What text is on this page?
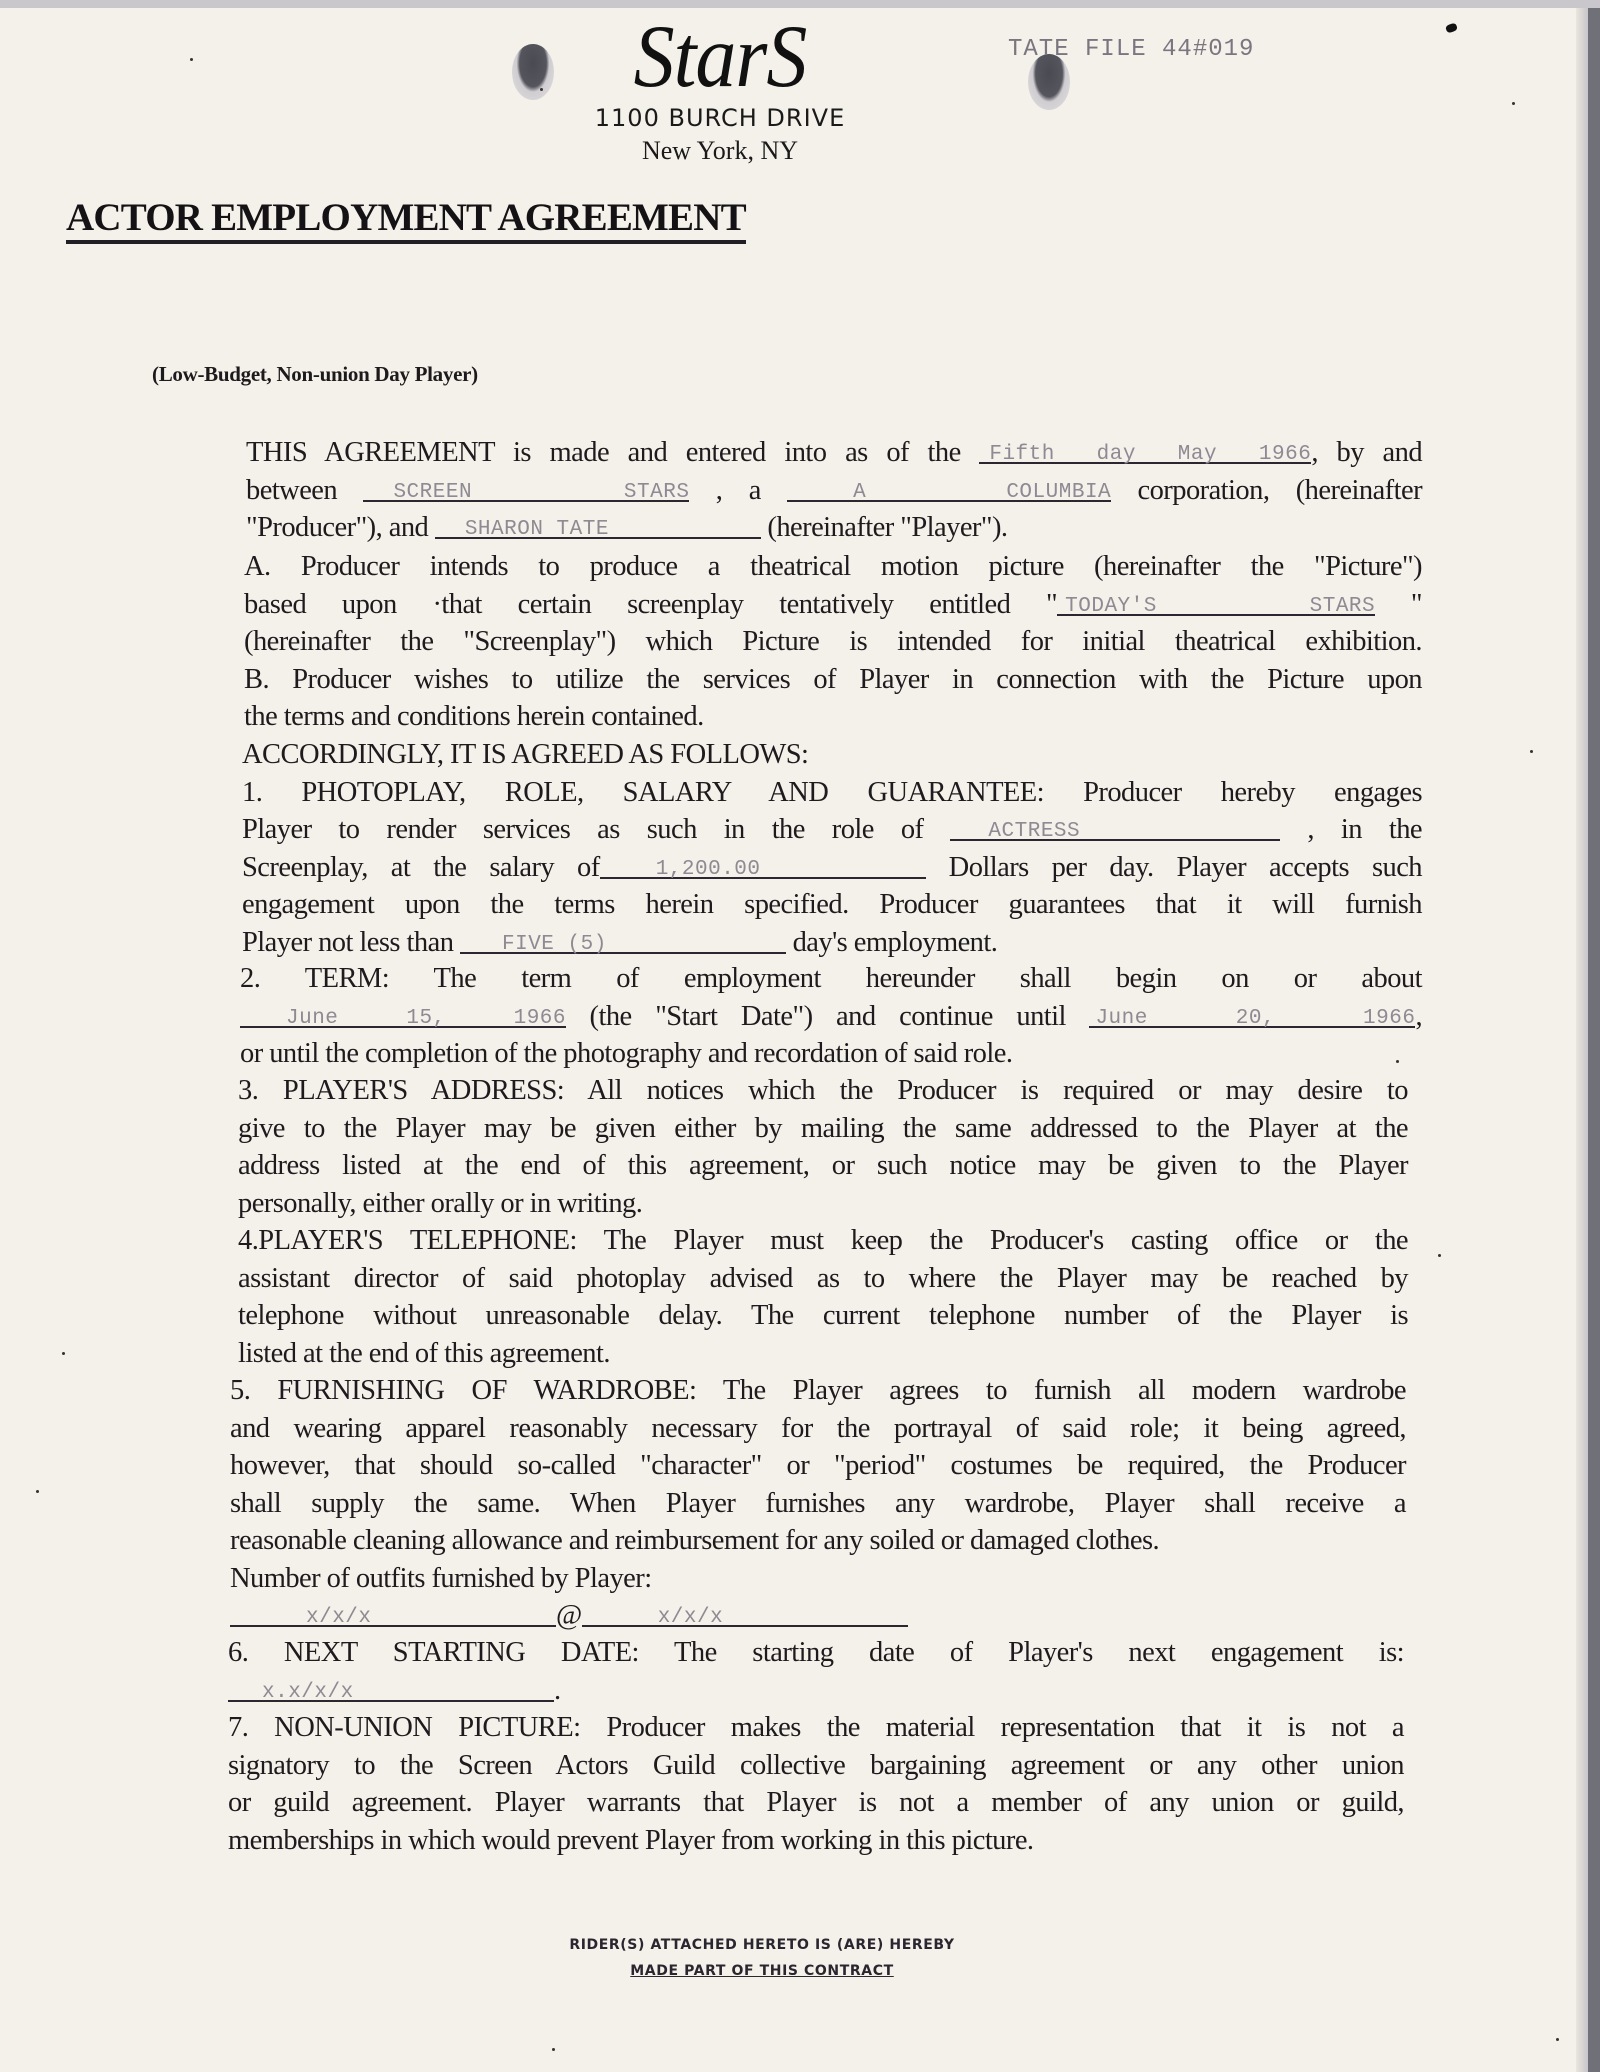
StarS
1100 BURCH DRIVE
New York, NY
TATE FILE 44#019
ACTOR EMPLOYMENT AGREEMENT
(Low-Budget, Non-union Day Player)
THIS AGREEMENT is made and entered into as of the Fifth day May 1966, by and
between	SCREEN STARS , a	A COLUMBIA corporation, (hereinafter
"Producer"), and SHARON TATE	(hereinafter "Player").
A. Producer intends to produce a theatrical motion picture (hereinafter the "Picture")
based upon ·that certain screenplay tentatively entitled " TODAY'S STARS "
(hereinafter the "Screenplay") which Picture is intended for initial theatrical exhibition.
B. Producer wishes to utilize the services of Player in connection with the Picture upon
the terms and conditions herein contained.
ACCORDINGLY, IT IS AGREED AS FOLLOWS:
1. PHOTOPLAY, ROLE, SALARY AND GUARANTEE: Producer hereby engages
Player to render services as such in the role of	ACTRESS	, in the
Screenplay, at the salary of	1,200.00	Dollars per day. Player accepts such
engagement upon the terms herein specified. Producer guarantees that it will furnish
Player not less than FIVE (5)	day's employment.
2. TERM: The term of employment hereunder shall begin on or about
June 15, 1966 (the "Start Date") and continue until June 20, 1966,
or until the completion of the photography and recordation of said role.
3. PLAYER'S ADDRESS: All notices which the Producer is required or may desire to
give to the Player may be given either by mailing the same addressed to the Player at the
address listed at the end of this agreement, or such notice may be given to the Player
personally, either orally or in writing.
4.PLAYER'S TELEPHONE: The Player must keep the Producer's casting office or the
assistant director of said photoplay advised as to where the Player may be reached by
telephone without unreasonable delay. The current telephone number of the Player is
listed at the end of this agreement.
5. FURNISHING OF WARDROBE: The Player agrees to furnish all modern wardrobe
and wearing apparel reasonably necessary for the portrayal of said role; it being agreed,
however, that should so-called "character" or "period" costumes be required, the Producer
shall supply the same. When Player furnishes any wardrobe, Player shall receive a
reasonable cleaning allowance and reimbursement for any soiled or damaged clothes.
Number of outfits furnished by Player:
x/x/x	@	x/x/x
6. NEXT STARTING DATE: The starting date of Player's next engagement is:
x.x/x/x	.
7. NON-UNION PICTURE: Producer makes the material representation that it is not a
signatory to the Screen Actors Guild collective bargaining agreement or any other union
or guild agreement. Player warrants that Player is not a member of any union or guild,
memberships in which would prevent Player from working in this picture.
RIDER(S) ATTACHED HERETO IS (ARE) HEREBY
MADE PART OF THIS CONTRACT
